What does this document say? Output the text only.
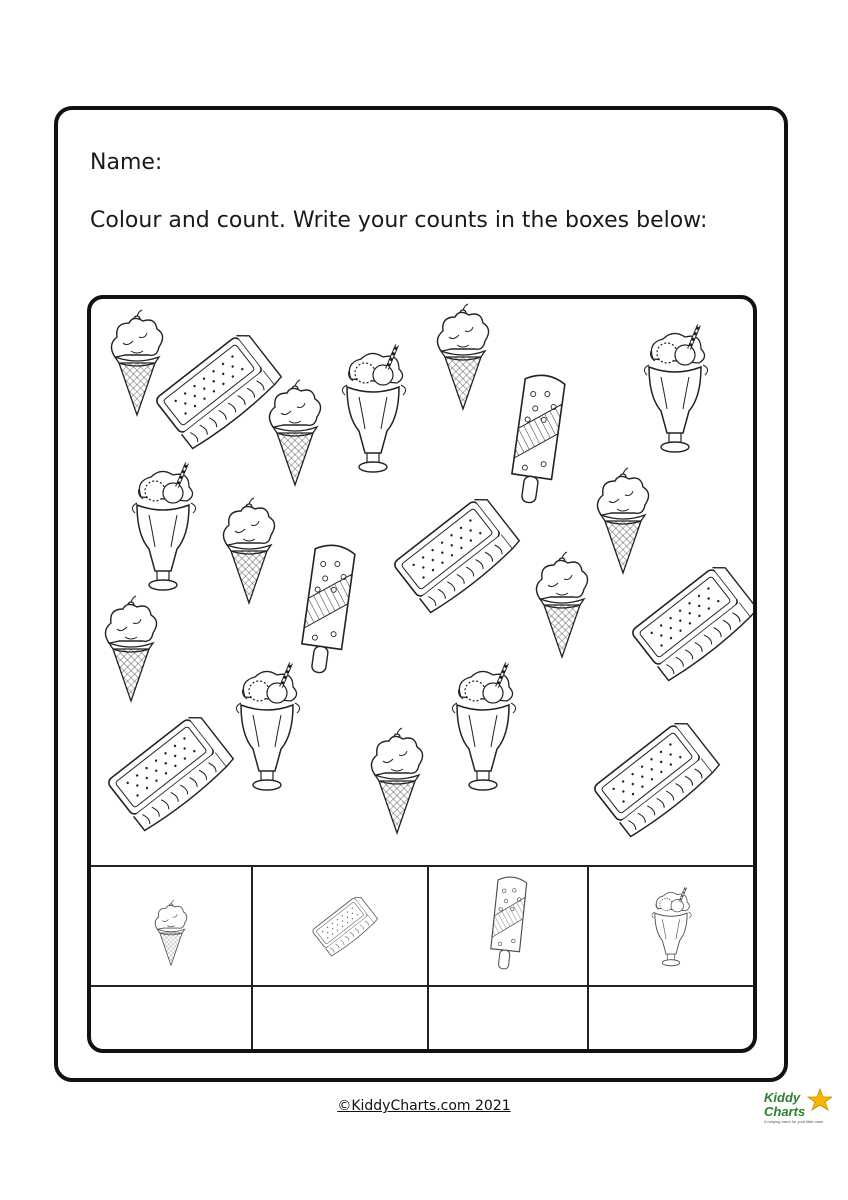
Name:

Colour and count. Write your counts in the boxes below:

©KiddyCharts.com 2021
Kiddy
Charts
A helping hand for your little ones
